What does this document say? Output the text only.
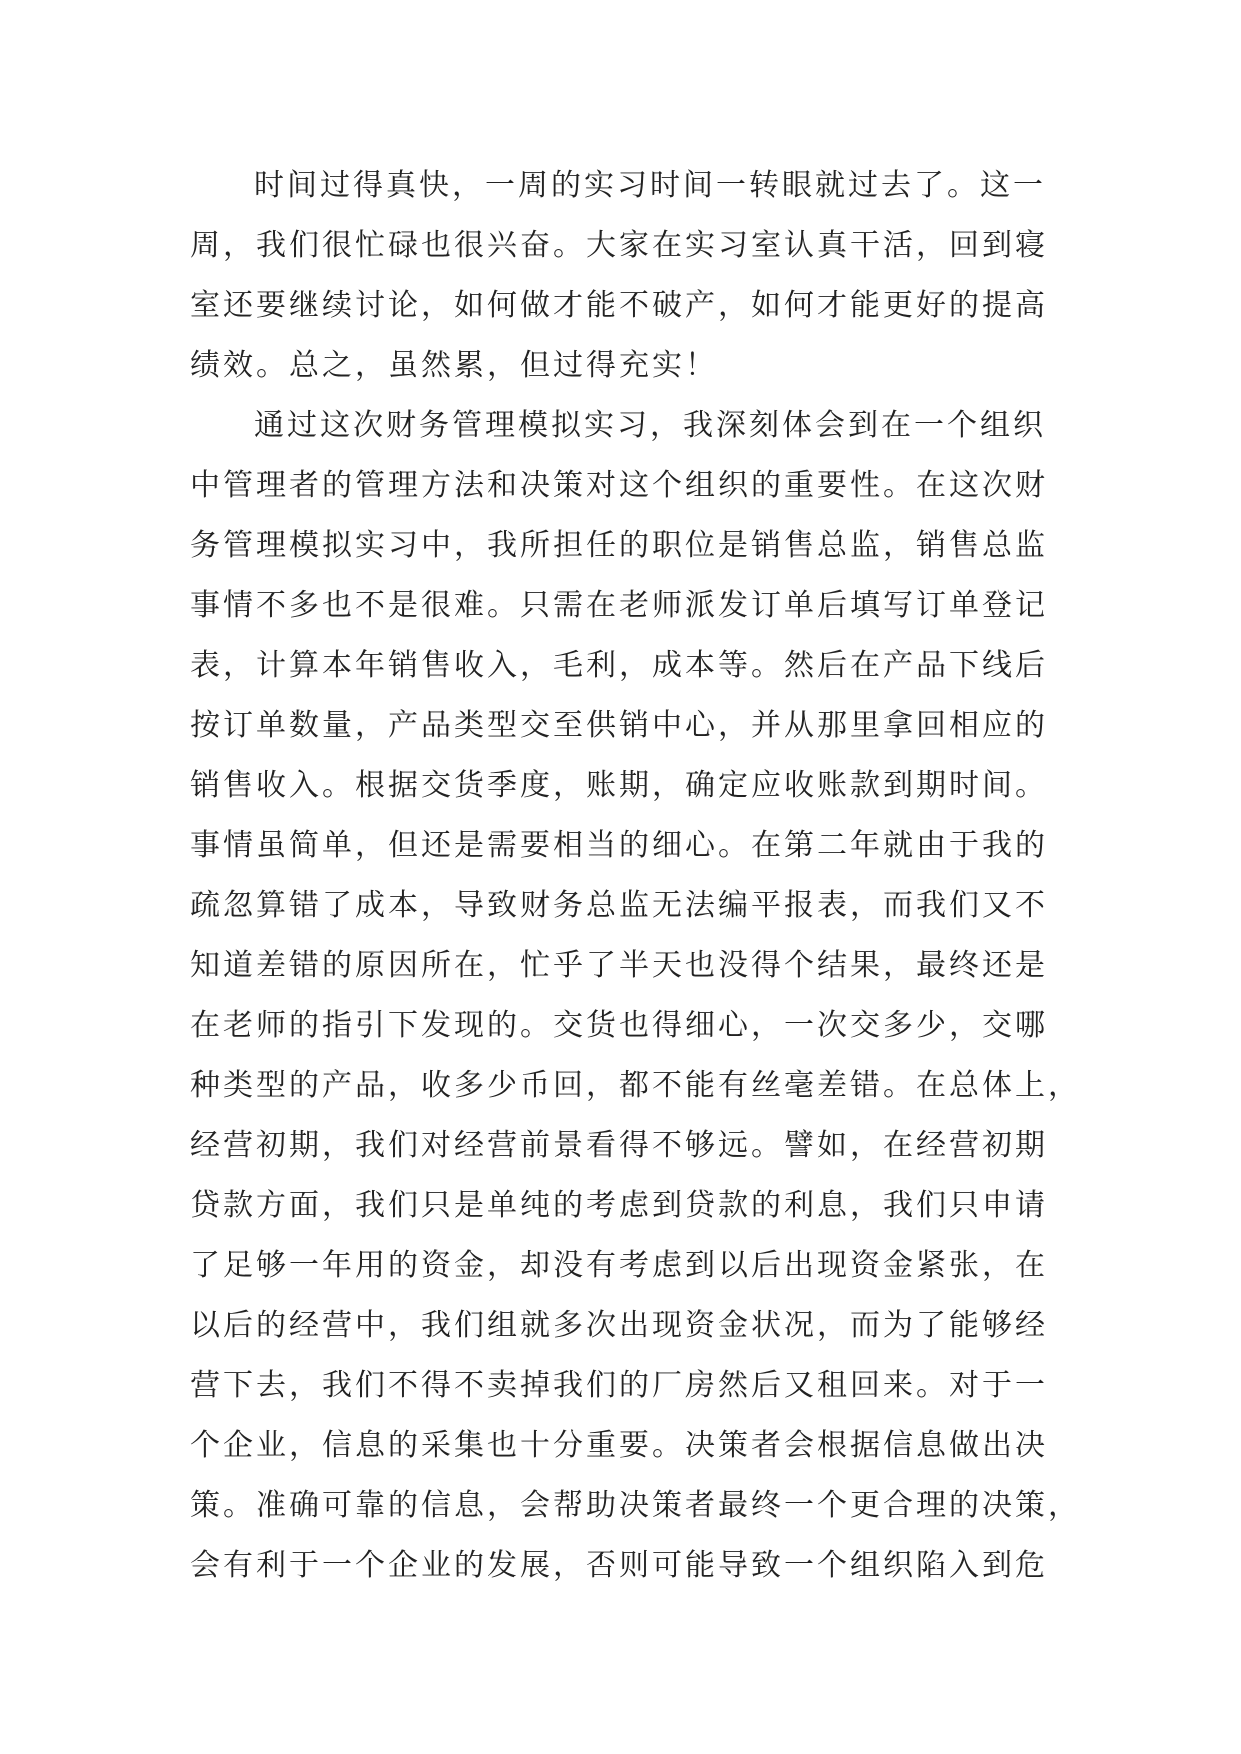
时间过得真快，一周的实习时间一转眼就过去了。这一
周，我们很忙碌也很兴奋。大家在实习室认真干活，回到寝
室还要继续讨论，如何做才能不破产，如何才能更好的提高
绩效。总之，虽然累，但过得充实！
通过这次财务管理模拟实习，我深刻体会到在一个组织
中管理者的管理方法和决策对这个组织的重要性。在这次财
务管理模拟实习中，我所担任的职位是销售总监，销售总监
事情不多也不是很难。只需在老师派发订单后填写订单登记
表，计算本年销售收入，毛利，成本等。然后在产品下线后
按订单数量，产品类型交至供销中心，并从那里拿回相应的
销售收入。根据交货季度，账期，确定应收账款到期时间。
事情虽简单，但还是需要相当的细心。在第二年就由于我的
疏忽算错了成本，导致财务总监无法编平报表，而我们又不
知道差错的原因所在，忙乎了半天也没得个结果，最终还是
在老师的指引下发现的。交货也得细心，一次交多少，交哪
种类型的产品，收多少币回，都不能有丝毫差错。在总体上，
经营初期，我们对经营前景看得不够远。譬如，在经营初期
贷款方面，我们只是单纯的考虑到贷款的利息，我们只申请
了足够一年用的资金，却没有考虑到以后出现资金紧张，在
以后的经营中，我们组就多次出现资金状况，而为了能够经
营下去，我们不得不卖掉我们的厂房然后又租回来。对于一
个企业，信息的采集也十分重要。决策者会根据信息做出决
策。准确可靠的信息，会帮助决策者最终一个更合理的决策，
会有利于一个企业的发展，否则可能导致一个组织陷入到危
